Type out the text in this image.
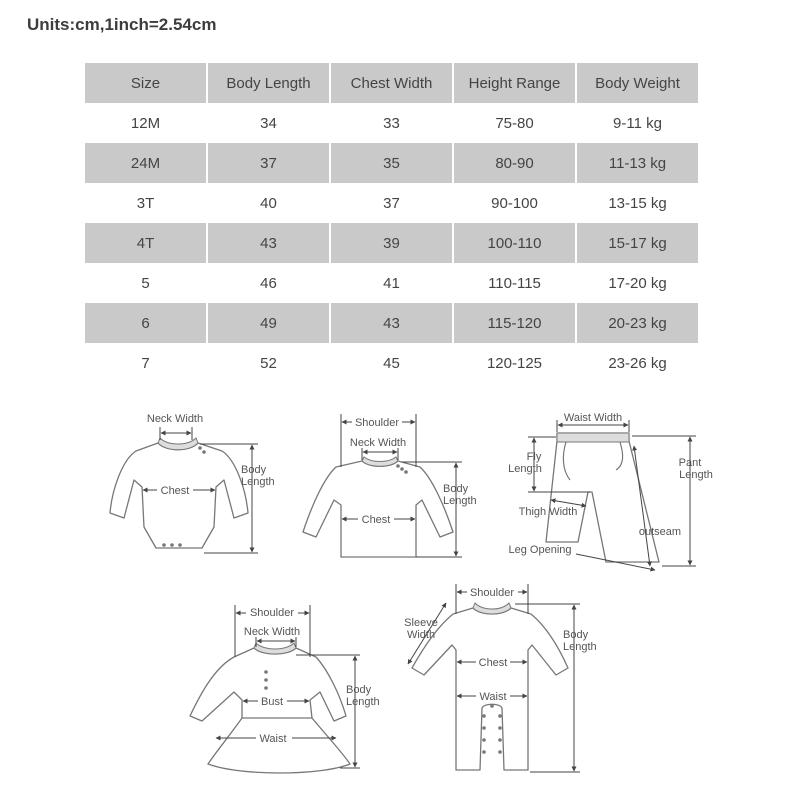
Units:cm,1inch=2.54cm
Size	Body Length	Chest Width	Height Range	Body Weight
12M	34	33	75-80	9-11 kg
24M	37	35	80-90	11-13 kg
3T	40	37	90-100	13-15 kg
4T	43	39	100-110	15-17 kg
5	46	41	110-115	17-20 kg
6	49	43	115-120	20-23 kg
7	52	45	120-125	23-26 kg
Neck Width
Chest
Body
Length
Shoulder
Neck Width
Chest
Body
Length
Waist Width
Fly
Length	Pant
Length
Thigh Width
outseam
Leg Opening
Shoulder
Neck Width
Bust
Waist
Body
Length
Shoulder
Sleeve
Width
Chest
Waist
Body
Length
